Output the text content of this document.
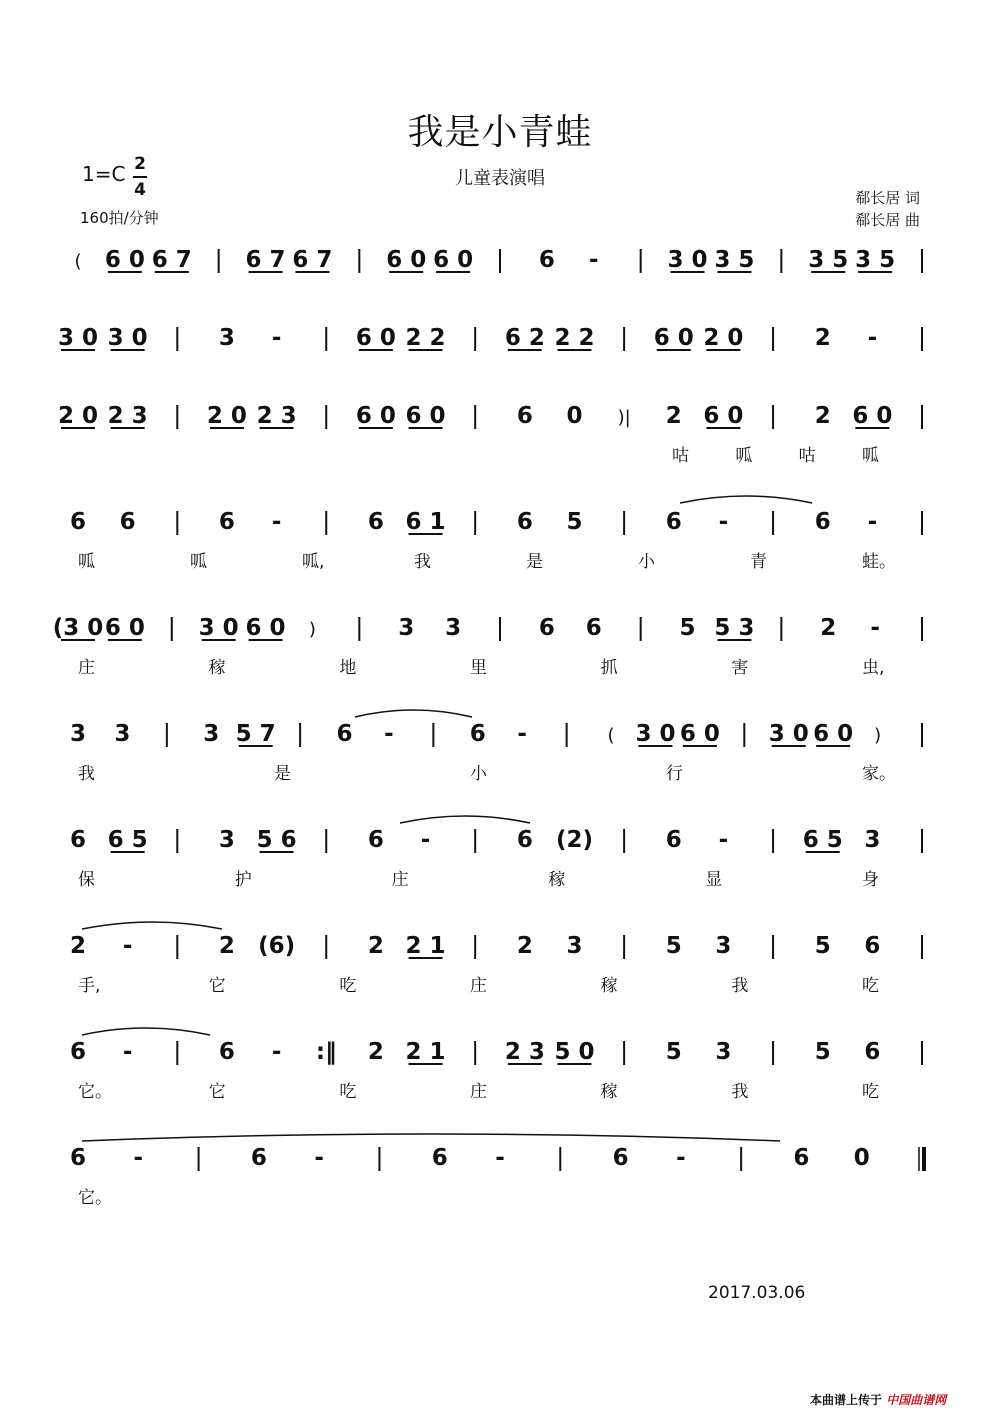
我是小青蛙
儿童表演唱
1=C 2
4
160拍/分钟
郗长居 词
郗长居 曲
( 6 0 6 7 6 7 6 7 6 0 6 0	6 -	3 0 3 5 3 5 3 5
3 0 3 0	3 -	6 0 2 2	6 2 2 2	6 0 2 0	2 -
2 0 2 3	2 0 2 3	6 0 6 0	6 0 )| 2 6 0	2 6 0
咕	呱	咕	呱
6 6	6 -	6 6 1	6 5	6 -	6 -
呱	呱	呱,	我	是	小	青	蛙。
(3 0 6 0 3 0 6 0 )	3 3	6 6	5 5 3	2 -
庄	稼	地	里	抓	害	虫,
3 3	3 5 7	6 -	6 -	( 3 0 6 0 3 0 6 0 )
我	是	小	行	家。
6 6 5	3 5 6	6 -	6 (2)	6 -	6 5 3
保	护	庄	稼	显	身
2 -	2 (6)	2 2 1	2 3	5 3	5 6
手,	它	吃	庄	稼	我	吃
6 -	6 - :‖ 2 2 1	2 3 5 0	5 3	5 6
它。	它	吃	庄	稼	我	吃
6 -	6 -	6 -	6 -	6 0
它。
2017.03.06
本曲谱上传于 中国曲谱网
